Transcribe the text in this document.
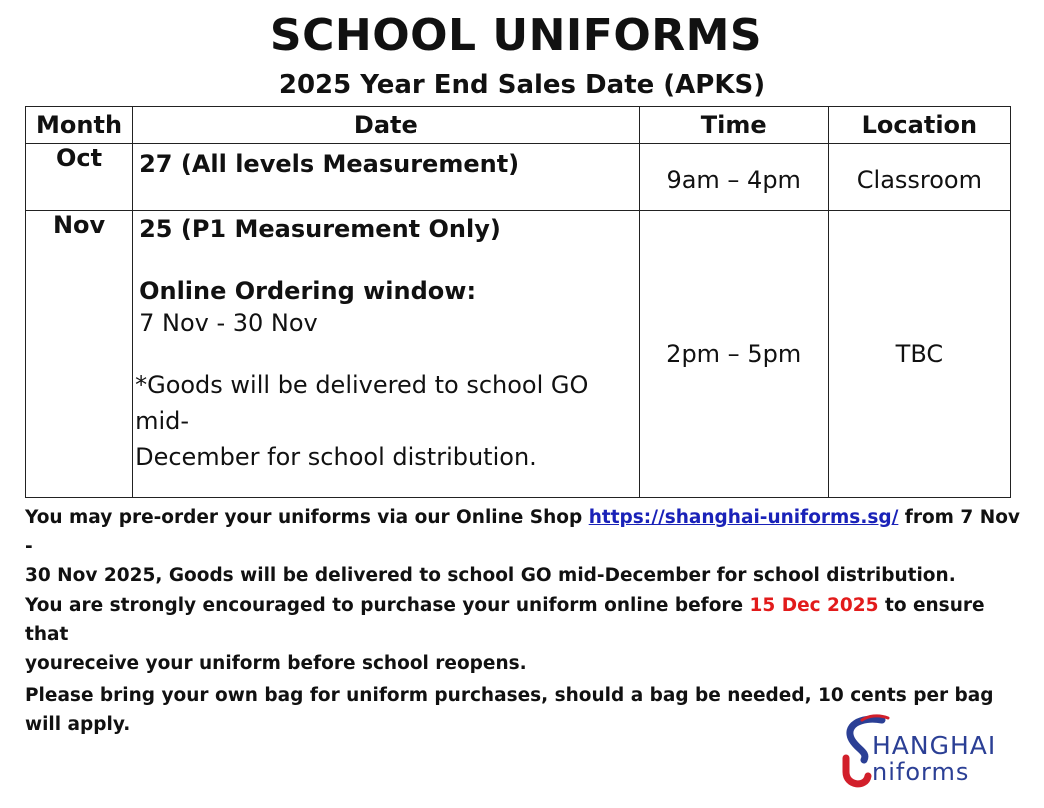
SCHOOL UNIFORMS
2025 Year End Sales Date (APKS)
Month	Date	Time	Location
Oct	27 (All levels Measurement)	9am – 4pm	Classroom

Nov	25 (P1 Measurement Only)
Online Ordering window:
7 Nov - 30 Nov
*Goods will be delivered to school GO mid-
December for school distribution.	2pm – 5pm	TBC
You may pre-order your uniforms via our Online Shop https://shanghai-uniforms.sg/ from 7 Nov -
30 Nov 2025, Goods will be delivered to school GO mid-December for school distribution.
You are strongly encouraged to purchase your uniform online before 15 Dec 2025 to ensure that
youreceive your uniform before school reopens.
Please bring your own bag for uniform purchases, should a bag be needed, 10 cents per bag
will apply.
HANGHAI
niforms
